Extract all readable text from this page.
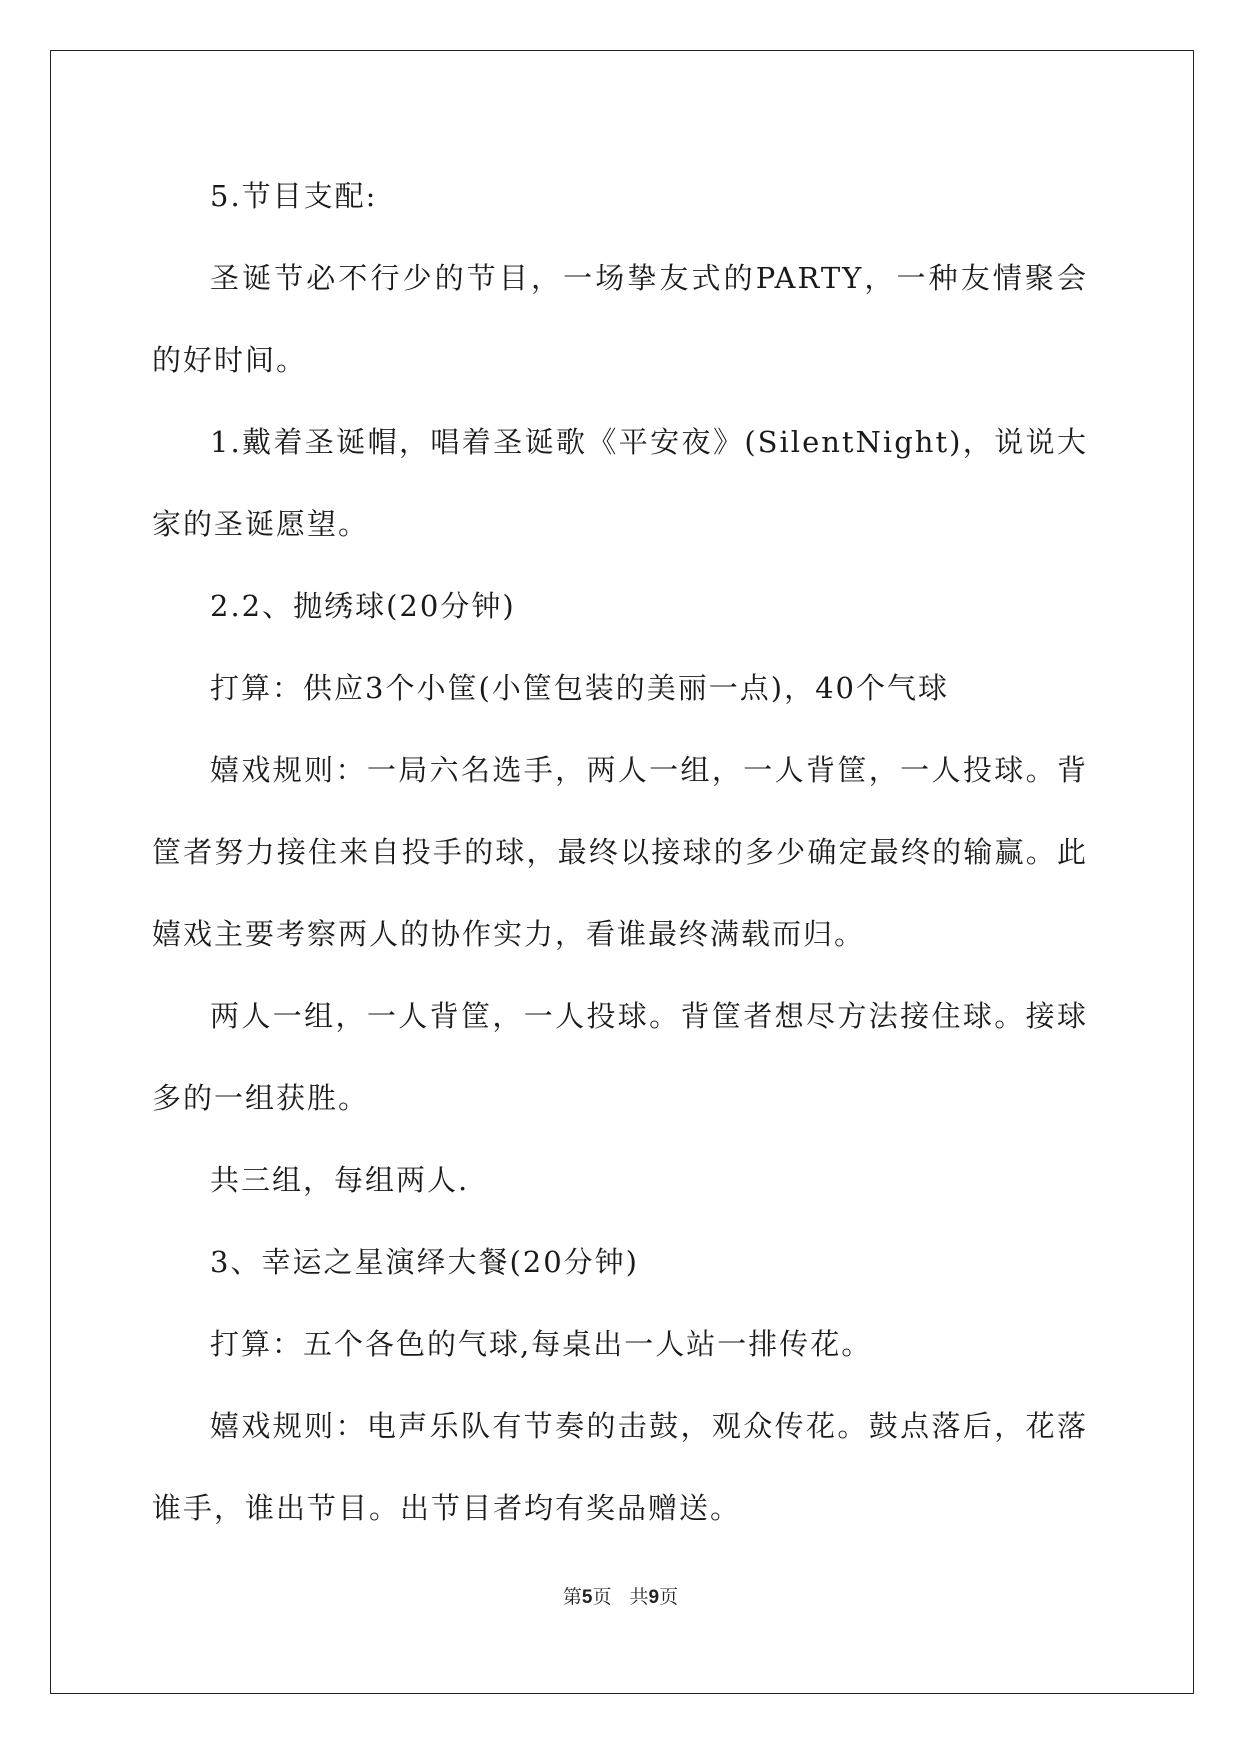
5.节目支配:

圣诞节必不行少的节目，一场挚友式的PARTY，一种友情聚会的好时间。

1.戴着圣诞帽，唱着圣诞歌《平安夜》(SilentNight)，说说大家的圣诞愿望。

2.2、抛绣球(20分钟)

打算：供应3个小筐(小筐包装的美丽一点)，40个气球

嬉戏规则：一局六名选手，两人一组，一人背筐，一人投球。背筐者努力接住来自投手的球，最终以接球的多少确定最终的输赢。此嬉戏主要考察两人的协作实力，看谁最终满载而归。

两人一组，一人背筐，一人投球。背筐者想尽方法接住球。接球多的一组获胜。

共三组，每组两人.

3、幸运之星演绎大餐(20分钟)

打算：五个各色的气球,每桌出一人站一排传花。

嬉戏规则：电声乐队有节奏的击鼓，观众传花。鼓点落后，花落谁手，谁出节目。出节目者均有奖品赠送。

第5页 共9页
